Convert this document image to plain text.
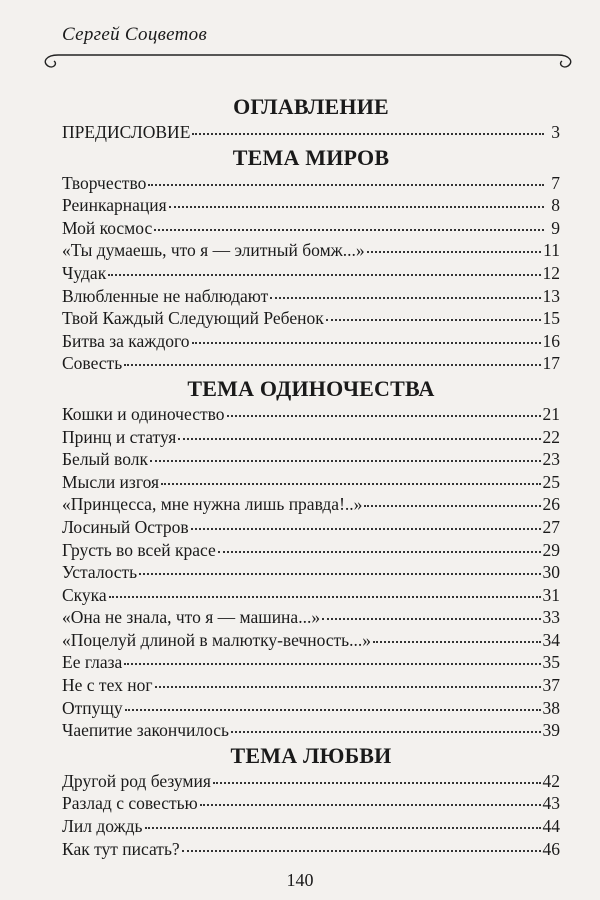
Сергей Соцветов
ОГЛАВЛЕНИЕ
ПРЕДИСЛОВИЕ	3
ТЕМА МИРОВ
Творчество	7
Реинкарнация	8
Мой космос	9
«Ты думаешь, что я — элитный бомж...»	11
Чудак	12
Влюбленные не наблюдают	13
Твой Каждый Следующий Ребенок	15
Битва за каждого	16
Совесть	17
ТЕМА ОДИНОЧЕСТВА
Кошки и одиночество	21
Принц и статуя	22
Белый волк	23
Мысли изгоя	25
«Принцесса, мне нужна лишь правда!..»	26
Лосиный Остров	27
Грусть во всей красе	29
Усталость	30
Скука	31
«Она не знала, что я — машина...»	33
«Поцелуй длиной в малютку-вечность...»	34
Ее глаза	35
Не с тех ног	37
Отпущу	38
Чаепитие закончилось	39
ТЕМА ЛЮБВИ
Другой род безумия	42
Разлад с совестью	43
Лил дождь	44
Как тут писать?	46
140
